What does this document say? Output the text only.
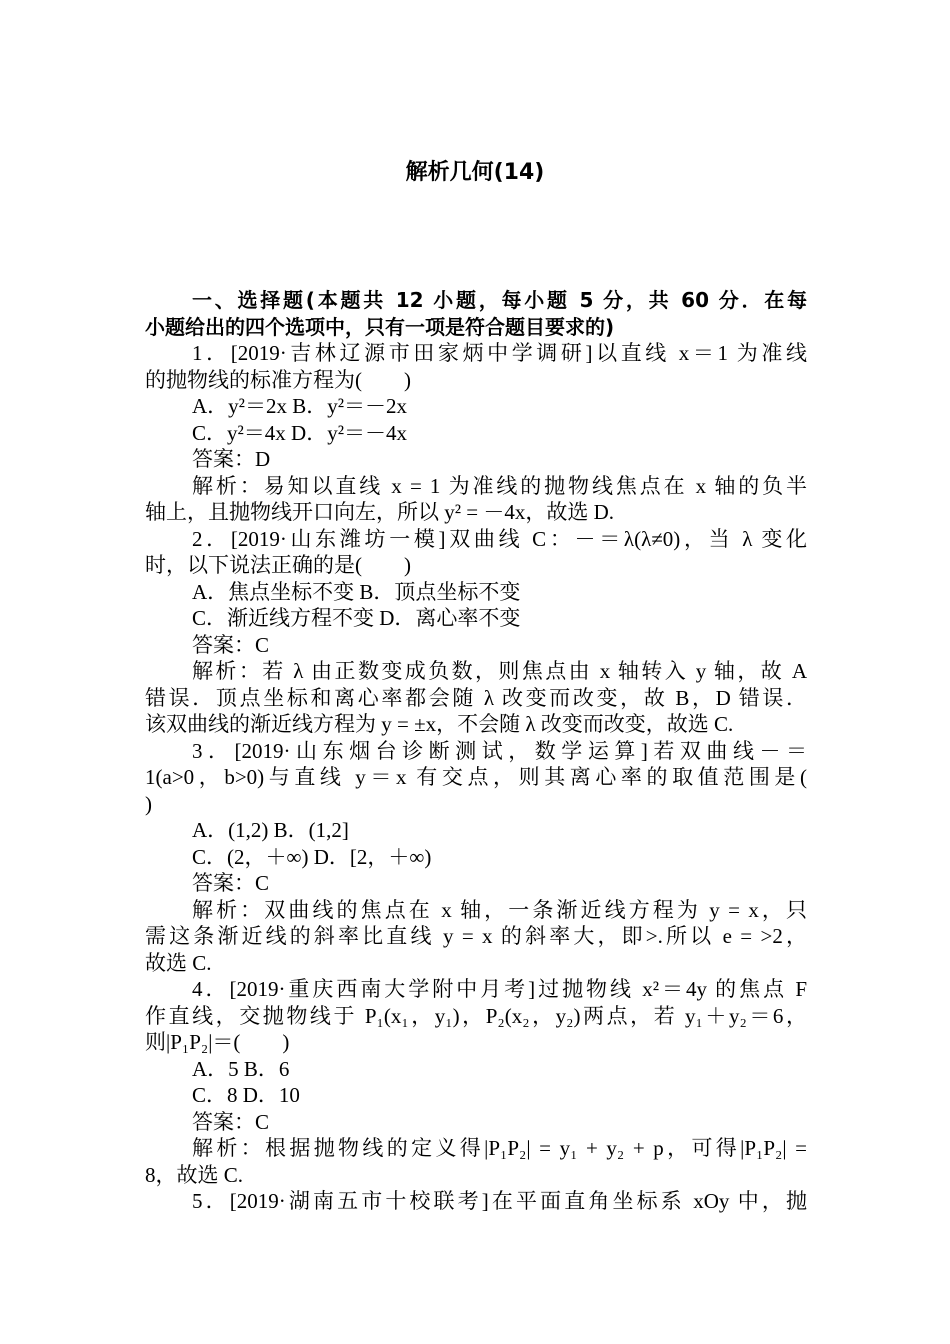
解析几何(14)

一、选择题(本题共 12 小题，每小题 5 分，共 60 分．在每

小题给出的四个选项中，只有一项是符合题目要求的)

1．[2019·吉林辽源市田家炳中学调研]以直线 x＝1 为准线

的抛物线的标准方程为(　　)

A．y²＝2x B．y²＝－2x

C．y²＝4x D．y²＝－4x

答案：D

解析：易知以直线 x = 1 为准线的抛物线焦点在 x 轴的负半

轴上，且抛物线开口向左，所以 y² = －4x，故选 D.

2．[2019·山东潍坊一模]双曲线 C：－＝λ(λ≠0)，当 λ 变化

时，以下说法正确的是(　　)

A．焦点坐标不变 B．顶点坐标不变

C．渐近线方程不变 D．离心率不变

答案：C

解析：若 λ 由正数变成负数，则焦点由 x 轴转入 y 轴，故 A

错误．顶点坐标和离心率都会随 λ 改变而改变，故 B，D 错误．

该双曲线的渐近线方程为 y = ±x，不会随 λ 改变而改变，故选 C.

3．[2019·山东烟台诊断测试，数学运算]若双曲线－＝

1(a>0，b>0)与直线 y＝x 有交点，则其离心率的取值范围是(

)

A．(1,2) B．(1,2]

C．(2，＋∞) D．[2，＋∞)

答案：C

解析：双曲线的焦点在 x 轴，一条渐近线方程为 y = x，只

需这条渐近线的斜率比直线 y = x 的斜率大，即>.所以 e = >2，

故选 C.

4．[2019·重庆西南大学附中月考]过抛物线 x²＝4y 的焦点 F

作直线，交抛物线于 P₁(x₁，y₁)，P₂(x₂，y₂)两点，若 y₁＋y₂＝6，

则|P₁P₂|＝(　　)

A．5 B．6

C．8 D．10

答案：C

解析：根据抛物线的定义得|P₁P₂| = y₁ + y₂ + p，可得|P₁P₂| =

8，故选 C.

5．[2019·湖南五市十校联考]在平面直角坐标系 xOy 中，抛
